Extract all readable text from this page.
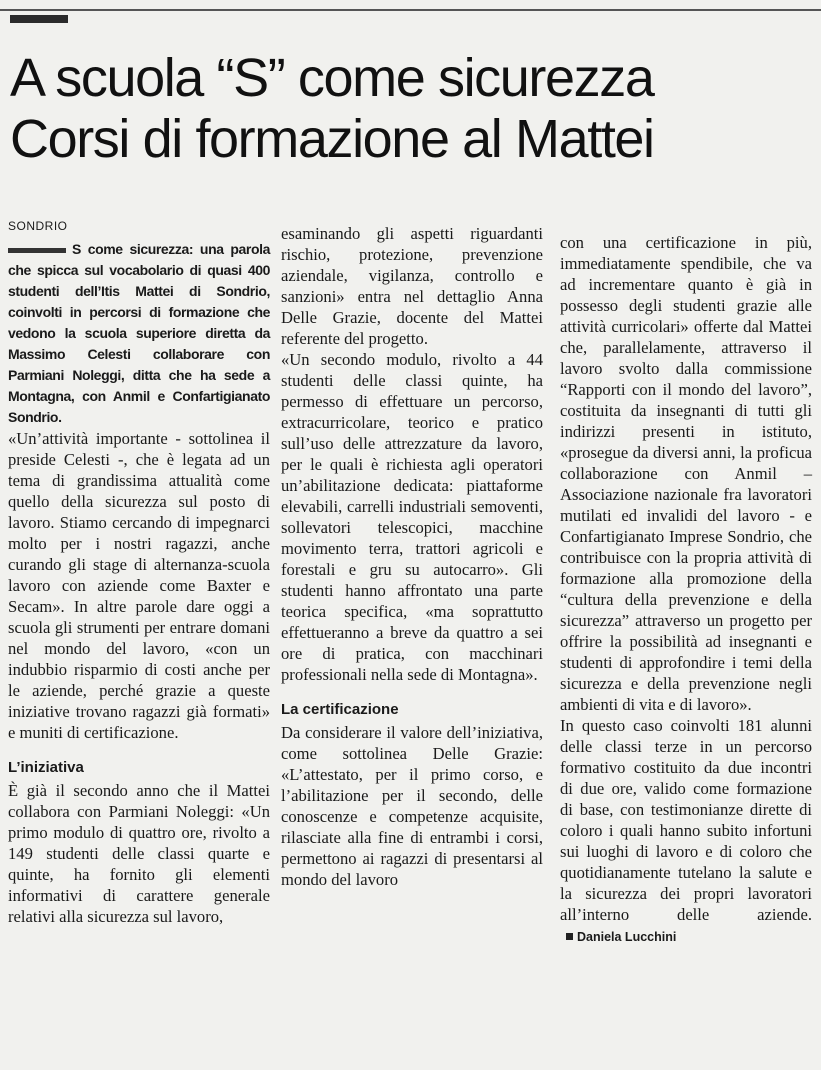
A scuola “S” come sicurezza
Corsi di formazione al Mattei
SONDRIO

S come sicurezza: una parola che spicca sul vocabolario di quasi 400 studenti dell’Itis Mattei di Sondrio, coinvolti in percorsi di formazione che vedono la scuola superiore diretta da Massimo Celesti collaborare con Parmiani Noleggi, ditta che ha sede a Montagna, con Anmil e Confartigianato Sondrio.

«Un’attività importante - sottolinea il preside Celesti -, che è legata ad un tema di grandissima attualità come quello della sicurezza sul posto di lavoro. Stiamo cercando di impegnarci molto per i nostri ragazzi, anche curando gli stage di alternanza-scuola lavoro con aziende come Baxter e Secam». In altre parole dare oggi a scuola gli strumenti per entrare domani nel mondo del lavoro, «con un indubbio risparmio di costi anche per le aziende, perché grazie a queste iniziative trovano ragazzi già formati» e muniti di certificazione.

L’iniziativa

È già il secondo anno che il Mattei collabora con Parmiani Noleggi: «Un primo modulo di quattro ore, rivolto a 149 studenti delle classi quarte e quinte, ha fornito gli elementi informativi di carattere generale relativi alla sicurezza sul lavoro,

esaminando gli aspetti riguardanti rischio, protezione, prevenzione aziendale, vigilanza, controllo e sanzioni» entra nel dettaglio Anna Delle Grazie, docente del Mattei referente del progetto.

«Un secondo modulo, rivolto a 44 studenti delle classi quinte, ha permesso di effettuare un percorso, extracurricolare, teorico e pratico sull’uso delle attrezzature da lavoro, per le quali è richiesta agli operatori un’abilitazione dedicata: piattaforme elevabili, carrelli industriali semoventi, sollevatori telescopici, macchine movimento terra, trattori agricoli e forestali e gru su autocarro». Gli studenti hanno affrontato una parte teorica specifica, «ma soprattutto effettueranno a breve da quattro a sei ore di pratica, con macchinari professionali nella sede di Montagna».

La certificazione

Da considerare il valore dell’iniziativa, come sottolinea Delle Grazie: «L’attestato, per il primo corso, e l’abilitazione per il secondo, delle conoscenze e competenze acquisite, rilasciate alla fine di entrambi i corsi, permettono ai ragazzi di presentarsi al mondo del lavoro

con una certificazione in più, immediatamente spendibile, che va ad incrementare quanto è già in possesso degli studenti grazie alle attività curricolari» offerte dal Mattei che, parallelamente, attraverso il lavoro svolto dalla commissione “Rapporti con il mondo del lavoro”, costituita da insegnanti di tutti gli indirizzi presenti in istituto, «prosegue da diversi anni, la proficua collaborazione con Anmil – Associazione nazionale fra lavoratori mutilati ed invalidi del lavoro - e Confartigianato Imprese Sondrio, che contribuisce con la propria attività di formazione alla promozione della “cultura della prevenzione e della sicurezza” attraverso un progetto per offrire la possibilità ad insegnanti e studenti di approfondire i temi della sicurezza e della prevenzione negli ambienti di vita e di lavoro».

In questo caso coinvolti 181 alunni delle classi terze in un percorso formativo costituito da due incontri di due ore, valido come formazione di base, con testimonianze dirette di coloro i quali hanno subito infortuni sui luoghi di lavoro e di coloro che quotidianamente tutelano la salute e la sicurezza dei propri lavoratori all’interno delle aziende.Daniela Lucchini
